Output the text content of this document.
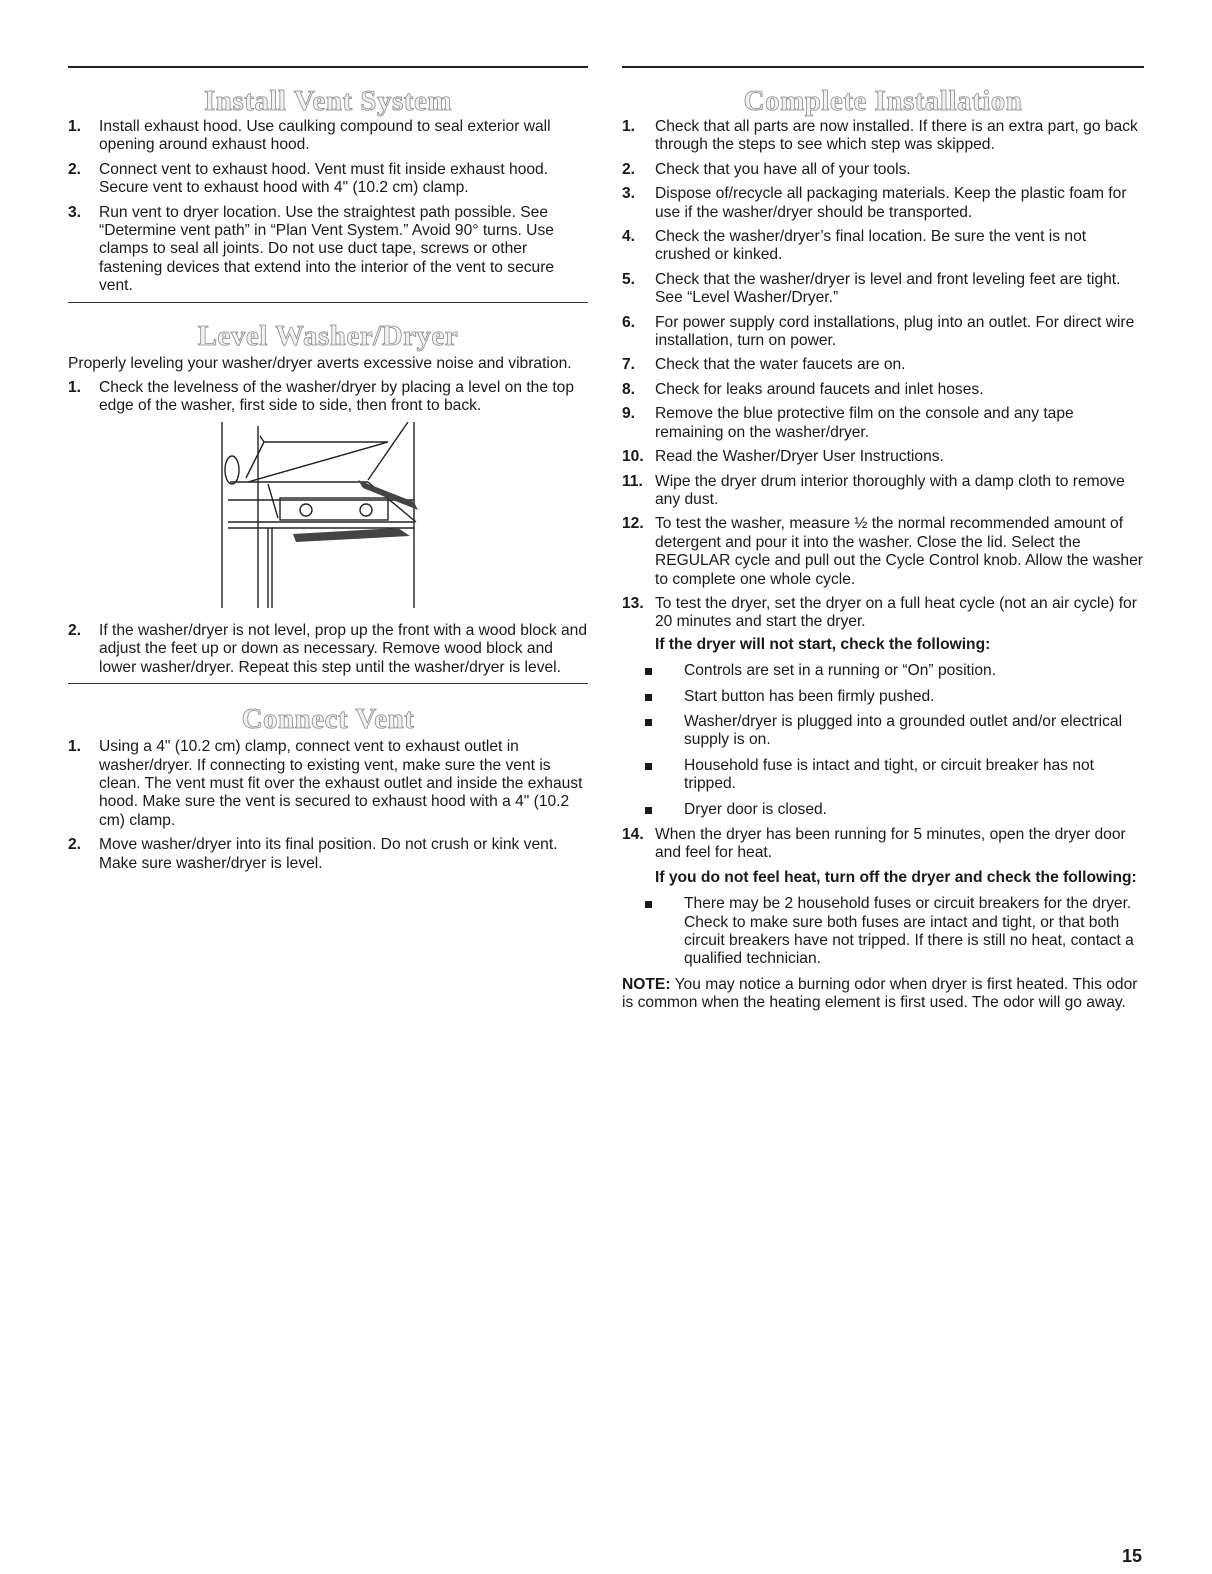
Install Vent System
1. Install exhaust hood. Use caulking compound to seal exterior wall opening around exhaust hood.
2. Connect vent to exhaust hood. Vent must fit inside exhaust hood. Secure vent to exhaust hood with 4" (10.2 cm) clamp.
3. Run vent to dryer location. Use the straightest path possible. See “Determine vent path” in “Plan Vent System.” Avoid 90° turns. Use clamps to seal all joints. Do not use duct tape, screws or other fastening devices that extend into the interior of the vent to secure vent.
Level Washer/Dryer

Properly leveling your washer/dryer averts excessive noise and vibration.

1. Check the levelness of the washer/dryer by placing a level on the top edge of the washer, first side to side, then front to back.
2. If the washer/dryer is not level, prop up the front with a wood block and adjust the feet up or down as necessary. Remove wood block and lower washer/dryer. Repeat this step until the washer/dryer is level.
Connect Vent
1. Using a 4" (10.2 cm) clamp, connect vent to exhaust outlet in washer/dryer. If connecting to existing vent, make sure the vent is clean. The vent must fit over the exhaust outlet and inside the exhaust hood. Make sure the vent is secured to exhaust hood with a 4" (10.2 cm) clamp.
2. Move washer/dryer into its final position. Do not crush or kink vent. Make sure washer/dryer is level.
Complete Installation
1. Check that all parts are now installed. If there is an extra part, go back through the steps to see which step was skipped.
2. Check that you have all of your tools.
3. Dispose of/recycle all packaging materials. Keep the plastic foam for use if the washer/dryer should be transported.
4. Check the washer/dryer’s final location. Be sure the vent is not crushed or kinked.
5. Check that the washer/dryer is level and front leveling feet are tight. See “Level Washer/Dryer.”
6. For power supply cord installations, plug into an outlet. For direct wire installation, turn on power.
7. Check that the water faucets are on.
8. Check for leaks around faucets and inlet hoses.
9. Remove the blue protective film on the console and any tape remaining on the washer/dryer.
10. Read the Washer/Dryer User Instructions.
11. Wipe the dryer drum interior thoroughly with a damp cloth to remove any dust.
12. To test the washer, measure ½ the normal recommended amount of detergent and pour it into the washer. Close the lid. Select the REGULAR cycle and pull out the Cycle Control knob. Allow the washer to complete one whole cycle.
13. To test the dryer, set the dryer on a full heat cycle (not an air cycle) for 20 minutes and start the dryer.

If the dryer will not start, check the following:

Controls are set in a running or “On” position.
Start button has been firmly pushed.
Washer/dryer is plugged into a grounded outlet and/or electrical supply is on.
Household fuse is intact and tight, or circuit breaker has not tripped.
Dryer door is closed.
14. When the dryer has been running for 5 minutes, open the dryer door and feel for heat.

If you do not feel heat, turn off the dryer and check the following:

There may be 2 household fuses or circuit breakers for the dryer. Check to make sure both fuses are intact and tight, or that both circuit breakers have not tripped. If there is still no heat, contact a qualified technician.

NOTE: You may notice a burning odor when dryer is first heated. This odor is common when the heating element is first used. The odor will go away.

15
